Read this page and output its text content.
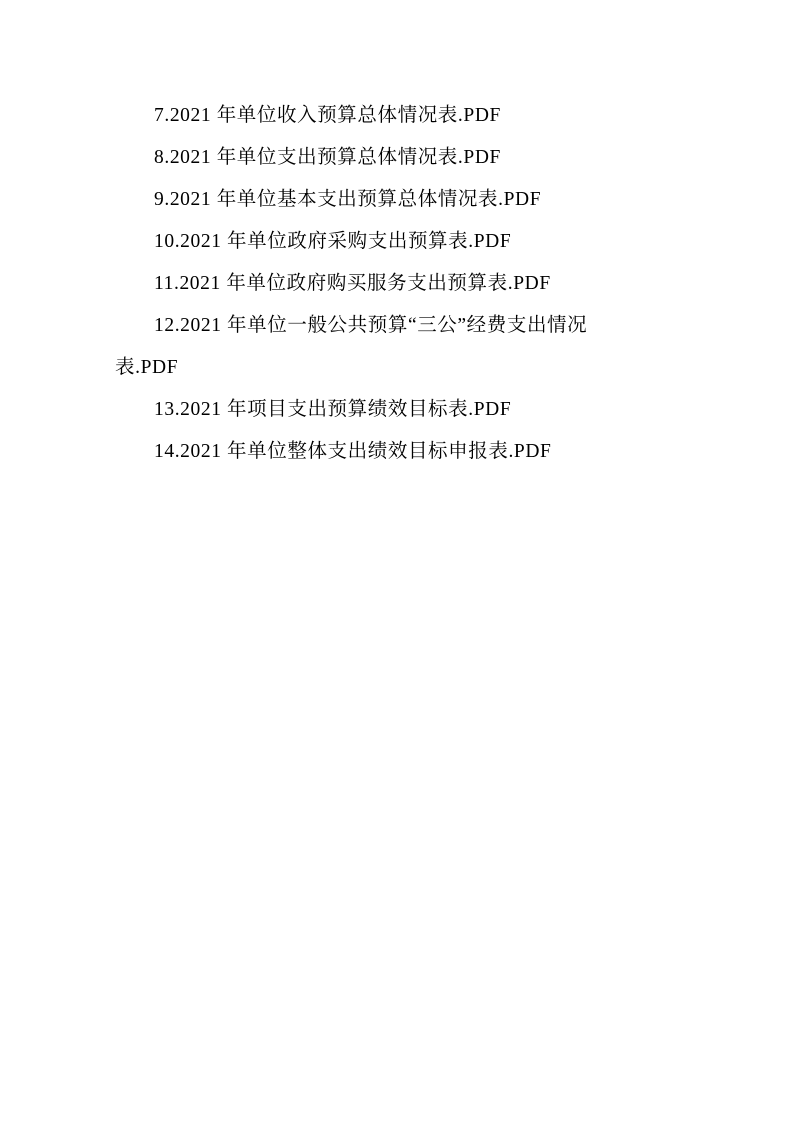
7.2021 年单位收入预算总体情况表.PDF

8.2021 年单位支出预算总体情况表.PDF

9.2021 年单位基本支出预算总体情况表.PDF

10.2021 年单位政府采购支出预算表.PDF

11.2021 年单位政府购买服务支出预算表.PDF

12.2021 年单位一般公共预算“三公”经费支出情况

表.PDF

13.2021 年项目支出预算绩效目标表.PDF

14.2021 年单位整体支出绩效目标申报表.PDF
